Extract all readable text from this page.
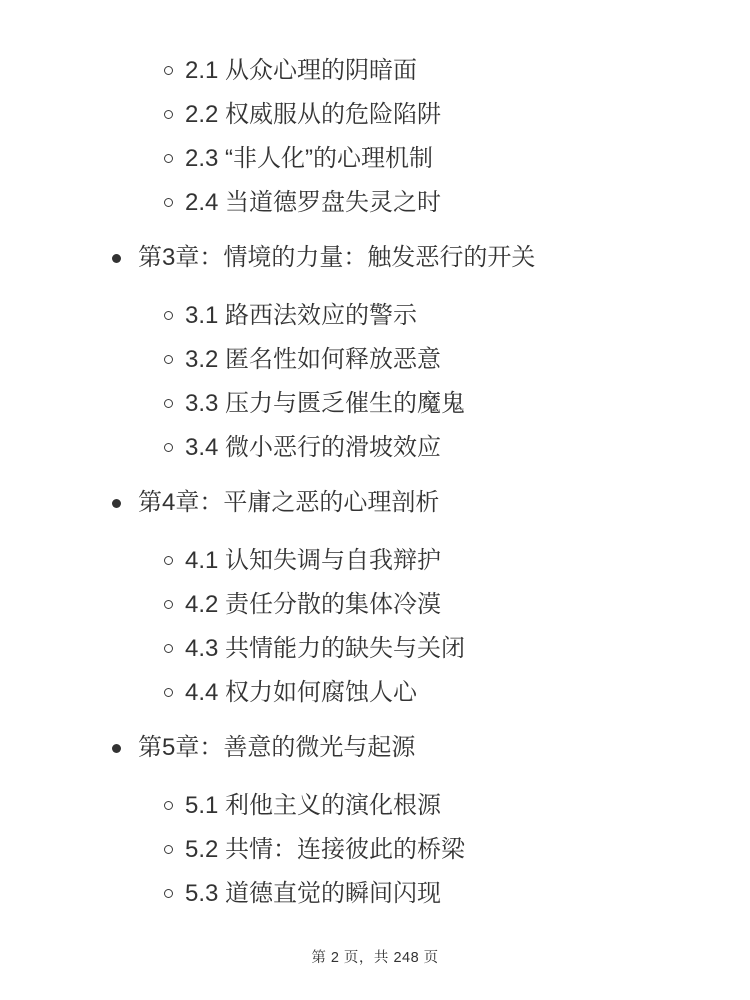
2.1 从众心理的阴暗面
2.2 权威服从的危险陷阱
2.3 “非人化”的心理机制
2.4 当道德罗盘失灵之时
第3章：情境的力量：触发恶行的开关
3.1 路西法效应的警示
3.2 匿名性如何释放恶意
3.3 压力与匮乏催生的魔鬼
3.4 微小恶行的滑坡效应
第4章：平庸之恶的心理剖析
4.1 认知失调与自我辩护
4.2 责任分散的集体冷漠
4.3 共情能力的缺失与关闭
4.4 权力如何腐蚀人心
第5章：善意的微光与起源
5.1 利他主义的演化根源
5.2 共情：连接彼此的桥梁
5.3 道德直觉的瞬间闪现
第 2 页，共 248 页
